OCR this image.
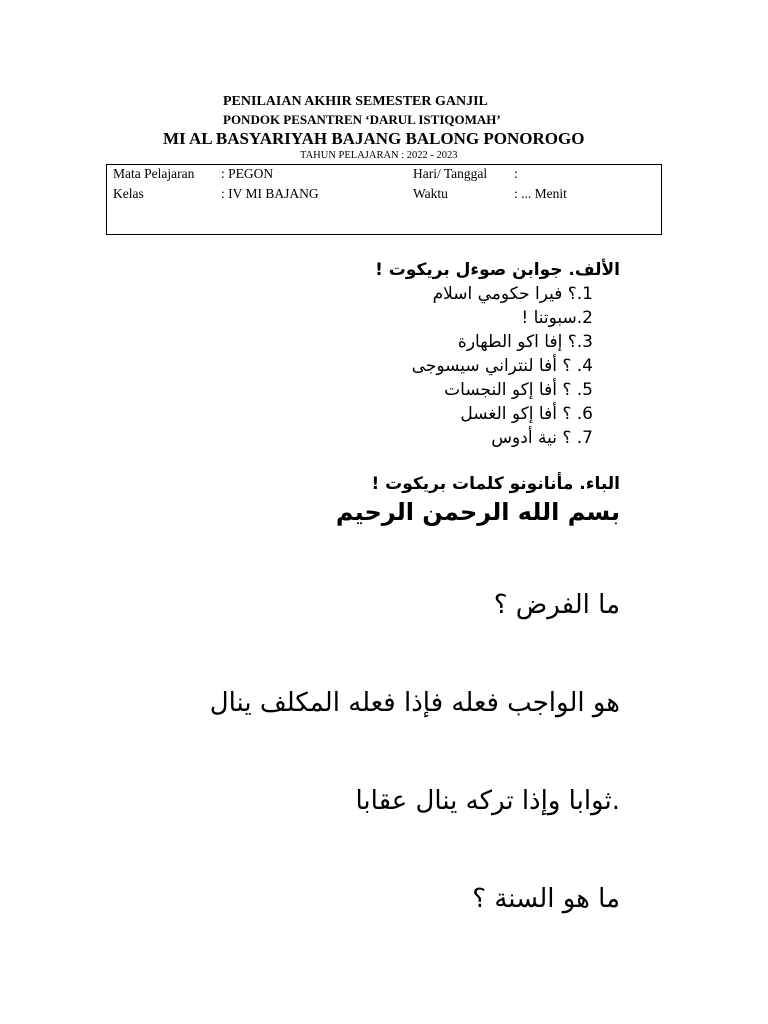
PENILAIAN AKHIR SEMESTER GANJIL
PONDOK PESANTREN ‘DARUL ISTIQOMAH’
MI AL BASYARIYAH BAJANG BALONG PONOROGO
TAHUN PELAJARAN : 2022 - 2023
Mata Pelajaran : PEGON	Hari/ Tanggal :
Kelas	: IV MI BAJANG	Waktu	: ... Menit
الألف. جوابن صوءل بريكوت !
1.؟ فيرا حكومي اسلام
2.سبوتنا !
3.؟ إفا اكو الطهارة
4. ؟ أفا لنتراني سيسوجى
5. ؟ أفا إكو النجسات
6. ؟ أفا إكو الغسل
7. ؟ نية أدوس
الباء. مأنانونو كلمات بريكوت !
بسم الله الرحمن الرحيم
ما الفرض ؟
هو الواجب فعله فإذا فعله المكلف ينال
.ثوابا وإذا تركه ينال عقابا
ما هو السنة ؟
